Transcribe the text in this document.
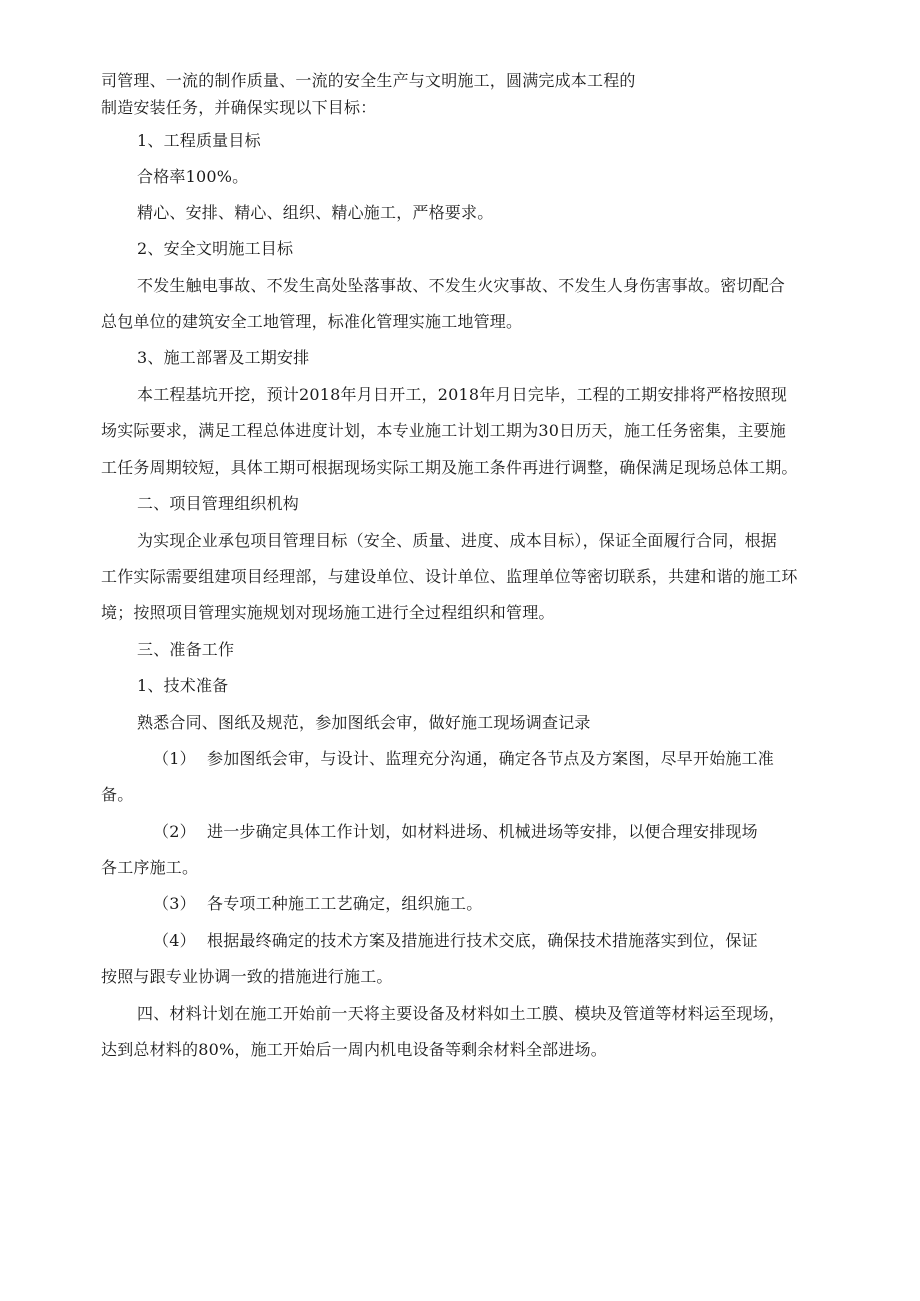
司管理、一流的制作质量、一流的安全生产与文明施工，圆满完成本工程的
制造安装任务，并确保实现以下目标：
1、工程质量目标
合格率100%。
精心、安排、精心、组织、精心施工，严格要求。
2、安全文明施工目标
不发生触电事故、不发生高处坠落事故、不发生火灾事故、不发生人身伤害事故。密切配合
总包单位的建筑安全工地管理，标准化管理实施工地管理。
3、施工部署及工期安排
本工程基坑开挖，预计2018年月日开工，2018年月日完毕，工程的工期安排将严格按照现
场实际要求，满足工程总体进度计划，本专业施工计划工期为30日历天，施工任务密集，主要施
工任务周期较短，具体工期可根据现场实际工期及施工条件再进行调整，确保满足现场总体工期。
二、项目管理组织机构
为实现企业承包项目管理目标（安全、质量、进度、成本目标），保证全面履行合同，根据
工作实际需要组建项目经理部，与建设单位、设计单位、监理单位等密切联系，共建和谐的施工环
境；按照项目管理实施规划对现场施工进行全过程组织和管理。
三、准备工作
1、技术准备
熟悉合同、图纸及规范，参加图纸会审，做好施工现场调查记录
（1） 参加图纸会审，与设计、监理充分沟通，确定各节点及方案图，尽早开始施工准
备。
（2） 进一步确定具体工作计划，如材料进场、机械进场等安排，以便合理安排现场
各工序施工。
（3） 各专项工种施工工艺确定，组织施工。
（4） 根据最终确定的技术方案及措施进行技术交底，确保技术措施落实到位，保证
按照与跟专业协调一致的措施进行施工。
四、材料计划在施工开始前一天将主要设备及材料如土工膜、模块及管道等材料运至现场，
达到总材料的80%，施工开始后一周内机电设备等剩余材料全部进场。
